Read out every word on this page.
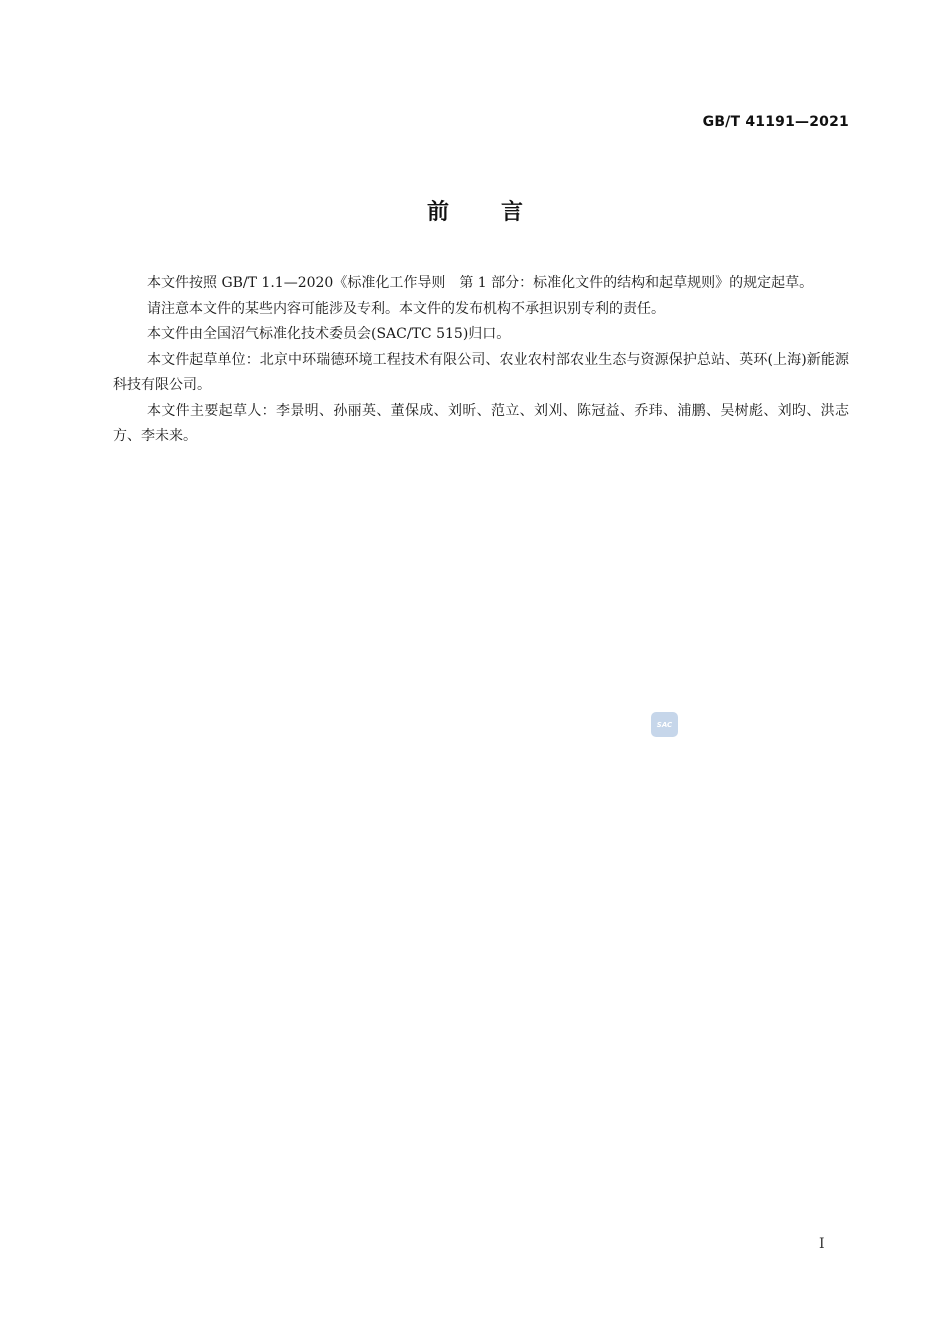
GB/T 41191—2021
前言

本文件按照 GB/T 1.1—2020《标准化工作导则　第 1 部分：标准化文件的结构和起草规则》的规定起草。

请注意本文件的某些内容可能涉及专利。本文件的发布机构不承担识别专利的责任。

本文件由全国沼气标准化技术委员会(SAC/TC 515)归口。

本文件起草单位：北京中环瑞德环境工程技术有限公司、农业农村部农业生态与资源保护总站、英环(上海)新能源科技有限公司。

本文件主要起草人：李景明、孙丽英、董保成、刘昕、范立、刘刈、陈冠益、乔玮、浦鹏、吴树彪、刘昀、洪志方、李未来。

SAC
I
